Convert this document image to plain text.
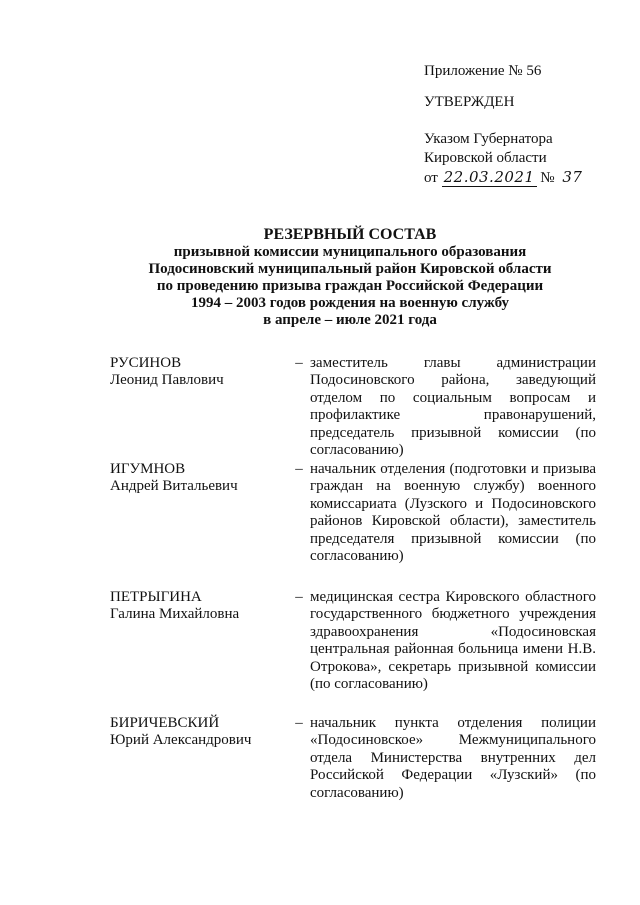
Приложение № 56
УТВЕРЖДЕН
Указом Губернатора
Кировской области
от 22.03.2021 № 37
РЕЗЕРВНЫЙ СОСТАВ
призывной комиссии муниципального образования
Подосиновский муниципальный район Кировской области
по проведению призыва граждан Российской Федерации
1994 – 2003 годов рождения на военную службу
в апреле – июле 2021 года
РУСИНОВ
Леонид Павлович
– заместитель главы администрации Подосиновского района, заведующий отделом по социальным вопросам и профилактике правонарушений, председатель призывной комиссии (по согласованию)
ИГУМНОВ
Андрей Витальевич
– начальник отделения (подготовки и призыва граждан на военную службу) военного комиссариата (Лузского и Подосиновского районов Кировской области), заместитель председателя призывной комиссии (по согласованию)
ПЕТРЫГИНА
Галина Михайловна
– медицинская сестра Кировского областного государственного бюджетного учреждения здравоохранения «Подосиновская центральная районная больница имени Н.В. Отрокова», секретарь призывной комиссии (по согласованию)
БИРИЧЕВСКИЙ
Юрий Александрович
– начальник пункта отделения полиции «Подосиновское» Межмуниципального отдела Министерства внутренних дел Российской Федерации «Лузский» (по согласованию)
